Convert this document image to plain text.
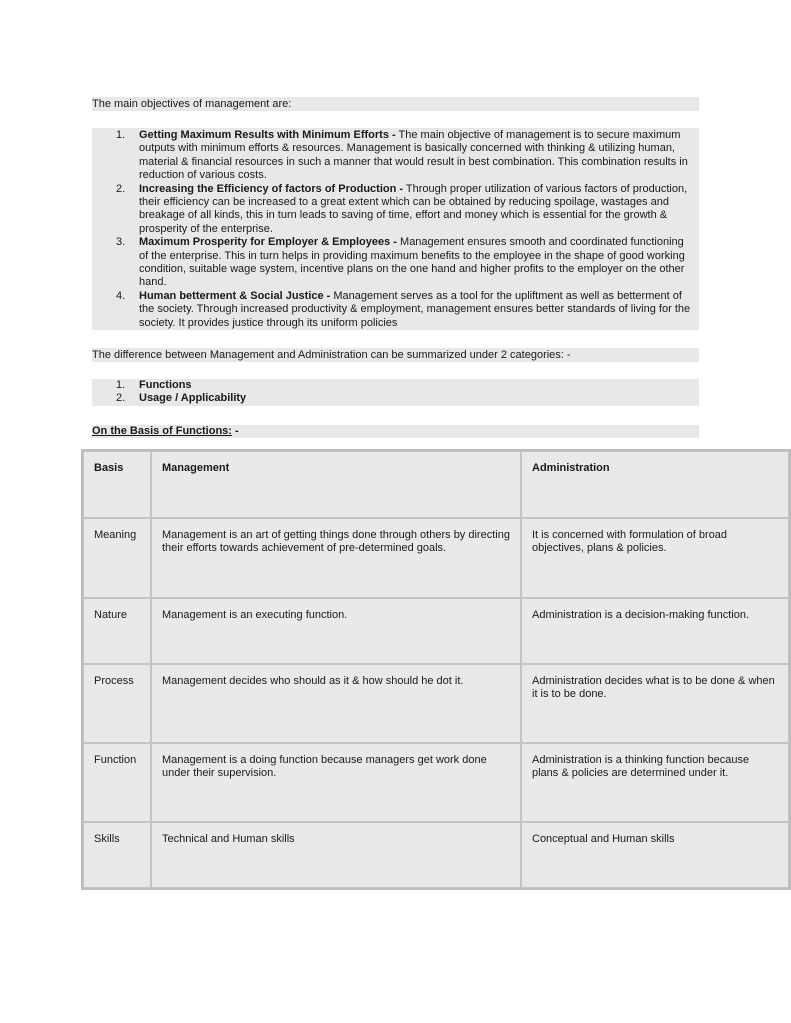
The main objectives of management are:
1. Getting Maximum Results with Minimum Efforts - The main objective of management is to secure maximum outputs with minimum efforts & resources. Management is basically concerned with thinking & utilizing human, material & financial resources in such a manner that would result in best combination. This combination results in reduction of various costs.
2. Increasing the Efficiency of factors of Production - Through proper utilization of various factors of production, their efficiency can be increased to a great extent which can be obtained by reducing spoilage, wastages and breakage of all kinds, this in turn leads to saving of time, effort and money which is essential for the growth & prosperity of the enterprise.
3. Maximum Prosperity for Employer & Employees - Management ensures smooth and coordinated functioning of the enterprise. This in turn helps in providing maximum benefits to the employee in the shape of good working condition, suitable wage system, incentive plans on the one hand and higher profits to the employer on the other hand.
4. Human betterment & Social Justice - Management serves as a tool for the upliftment as well as betterment of the society. Through increased productivity & employment, management ensures better standards of living for the society. It provides justice through its uniform policies
The difference between Management and Administration can be summarized under 2 categories: -
1. Functions
2. Usage / Applicability
On the Basis of Functions: -
Basis	Management	Administration
Meaning	Management is an art of getting things done through others by directing their efforts towards achievement of pre-determined goals.	It is concerned with formulation of broad objectives, plans & policies.
Nature	Management is an executing function.	Administration is a decision-making function.
Process	Management decides who should as it & how should he dot it.	Administration decides what is to be done & when it is to be done.
Function	Management is a doing function because managers get work done under their supervision.	Administration is a thinking function because plans & policies are determined under it.
Skills	Technical and Human skills	Conceptual and Human skills
